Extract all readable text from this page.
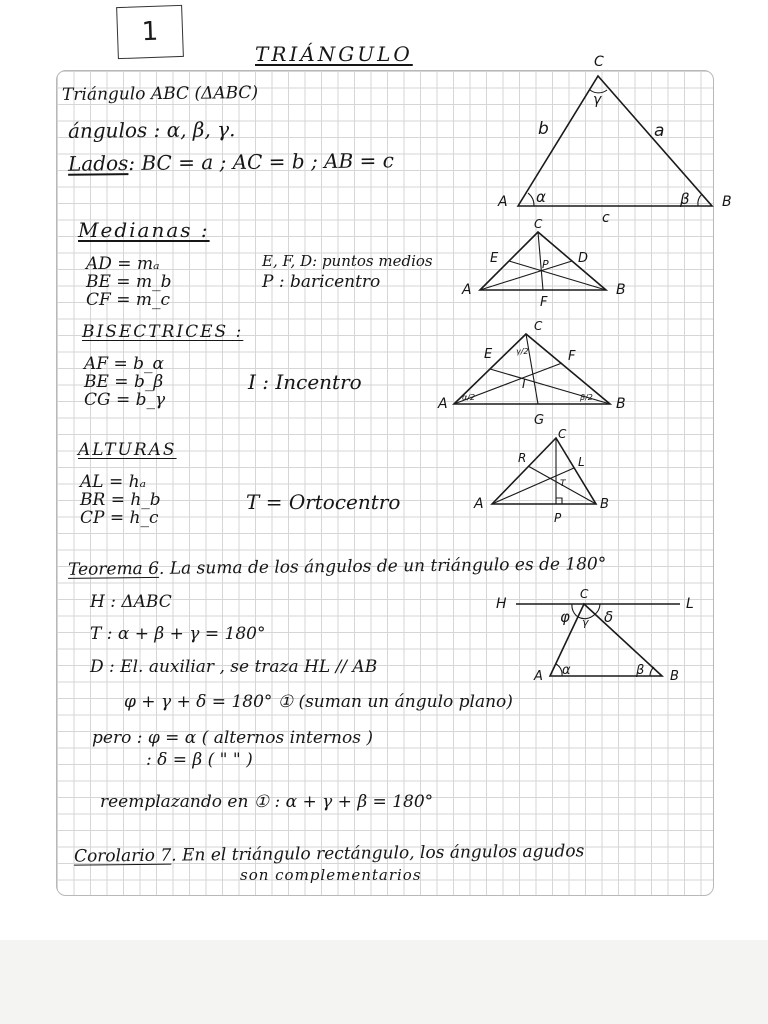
1
TRIÁNGULO
Triángulo ABC (ΔABC)
ángulos : α, β, γ.
Lados: BC = a ; AC = b ; AB = c
Medianas :
AD = mₐ
BE = m_b
CF = m_c
E, F, D: puntos medios
P : baricentro
BISECTRICES :
AF = b_α
BE = b_β
CG = b_γ
I : Incentro
ALTURAS
AL = hₐ
BR = h_b
CP = h_c
T = Ortocentro
Teorema 6. La suma de los ángulos de un triángulo es de 180°
H : ΔABC
T : α + β + γ = 180°
D : El. auxiliar , se traza HL // AB
φ + γ + δ = 180° ① (suman un ángulo plano)
pero : φ = α ( alternos internos )
: δ = β ( " " )
reemplazando en ① : α + γ + β = 180°
Corolario 7. En el triángulo rectángulo, los ángulos agudos
son complementarios
A	B
C
a
b
c
α	β
γ
A	B
C
D
E
F
P
A	B
C
E	F
G
I
α/2	β/2
γ/2
A	B
C
R	L
P
T
H	L
C
A	B
φ γ δ
α	β
